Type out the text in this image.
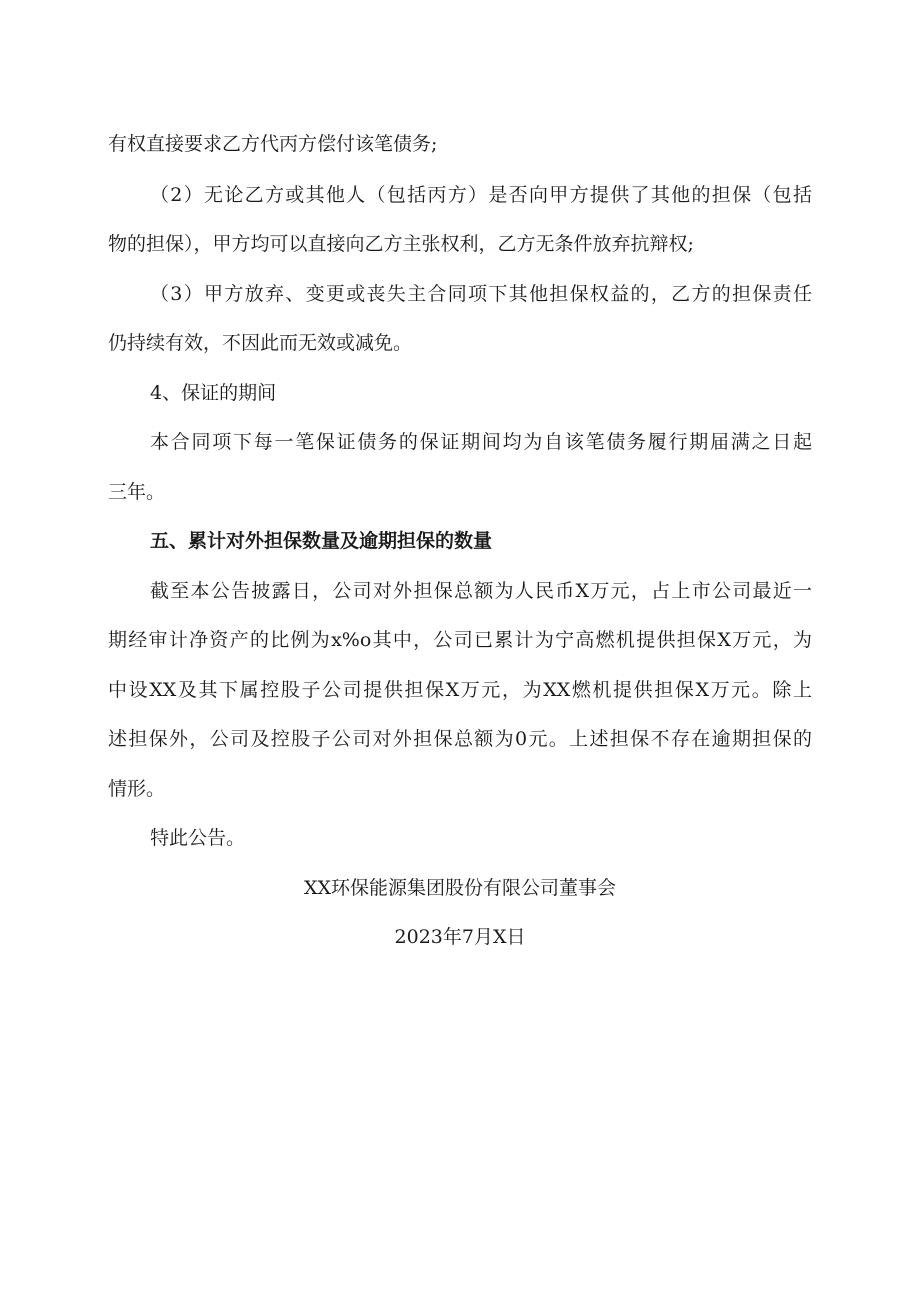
有权直接要求乙方代丙方偿付该笔债务;

（2）无论乙方或其他人（包括丙方）是否向甲方提供了其他的担保（包括

物的担保），甲方均可以直接向乙方主张权利，乙方无条件放弃抗辩权;

（3）甲方放弃、变更或丧失主合同项下其他担保权益的，乙方的担保责任

仍持续有效，不因此而无效或减免。

4、保证的期间

本合同项下每一笔保证债务的保证期间均为自该笔债务履行期届满之日起

三年。

五、累计对外担保数量及逾期担保的数量

截至本公告披露日，公司对外担保总额为人民币X万元，占上市公司最近一

期经审计净资产的比例为x%o其中，公司已累计为宁高燃机提供担保X万元，为

中设XX及其下属控股子公司提供担保X万元，为XX燃机提供担保X万元。除上

述担保外，公司及控股子公司对外担保总额为0元。上述担保不存在逾期担保的

情形。

特此公告。

XX环保能源集团股份有限公司董事会

2023年7月X日
